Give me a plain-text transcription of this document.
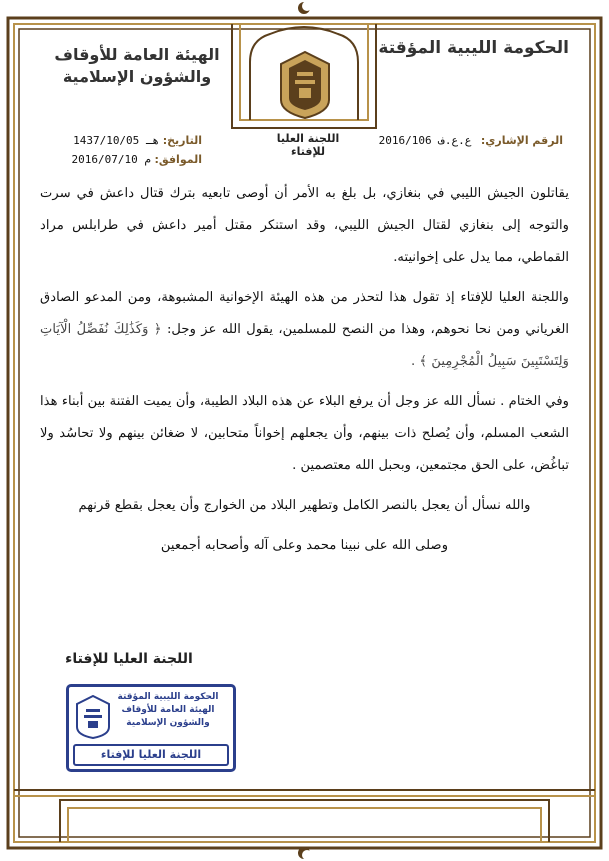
الحكومة الليبية المؤقتة
الهيئة العامة للأوقاف والشؤون الإسلامية
اللجنة العليا للإفتاء
الرقم الإشاري: ع.ع.ف 2016/106
التاريخ: 1437/10/05 هـ
الموافق: 2016/07/10 م

يقاتلون الجيش الليبي في بنغازي، بل بلغ به الأمر أن أوصى تابعيه بترك قتال داعش في سرت والتوجه إلى بنغازي لقتال الجيش الليبي، وقد استنكر مقتل أمير داعش في طرابلس مراد القماطي، مما يدل على إخوانيته.

واللجنة العليا للإفتاء إذ تقول هذا لتحذر من هذه الهيئة الإخوانية المشبوهة، ومن المدعو الصادق الغرياني ومن نحا نحوهم، وهذا من النصح للمسلمين، يقول الله عز وجل: ﴿ وَكَذَٰلِكَ نُفَصِّلُ الْآيَاتِ وَلِتَسْتَبِينَ سَبِيلُ الْمُجْرِمِينَ ﴾ .

وفي الختام . نسأل الله عز وجل أن يرفع البلاء عن هذه البلاد الطيبة، وأن يميت الفتنة بين أبناء هذا الشعب المسلم، وأن يُصلح ذات بينهم، وأن يجعلهم إخواناً متحابين، لا ضغائن بينهم ولا تحاسُد ولا تباغُض، على الحق مجتمعين، وبحبل الله معتصمين .

والله نسأل أن يعجل بالنصر الكامل وتطهير البلاد من الخوارج وأن يعجل بقطع قرنهم

وصلى الله على نبينا محمد وعلى آله وأصحابه أجمعين

اللجنة العليا للإفتاء
الحكومة الليبية المؤقتة
الهيئة العامة للأوقاف والشؤون الإسلامية
اللجنة العليا للإفتاء
